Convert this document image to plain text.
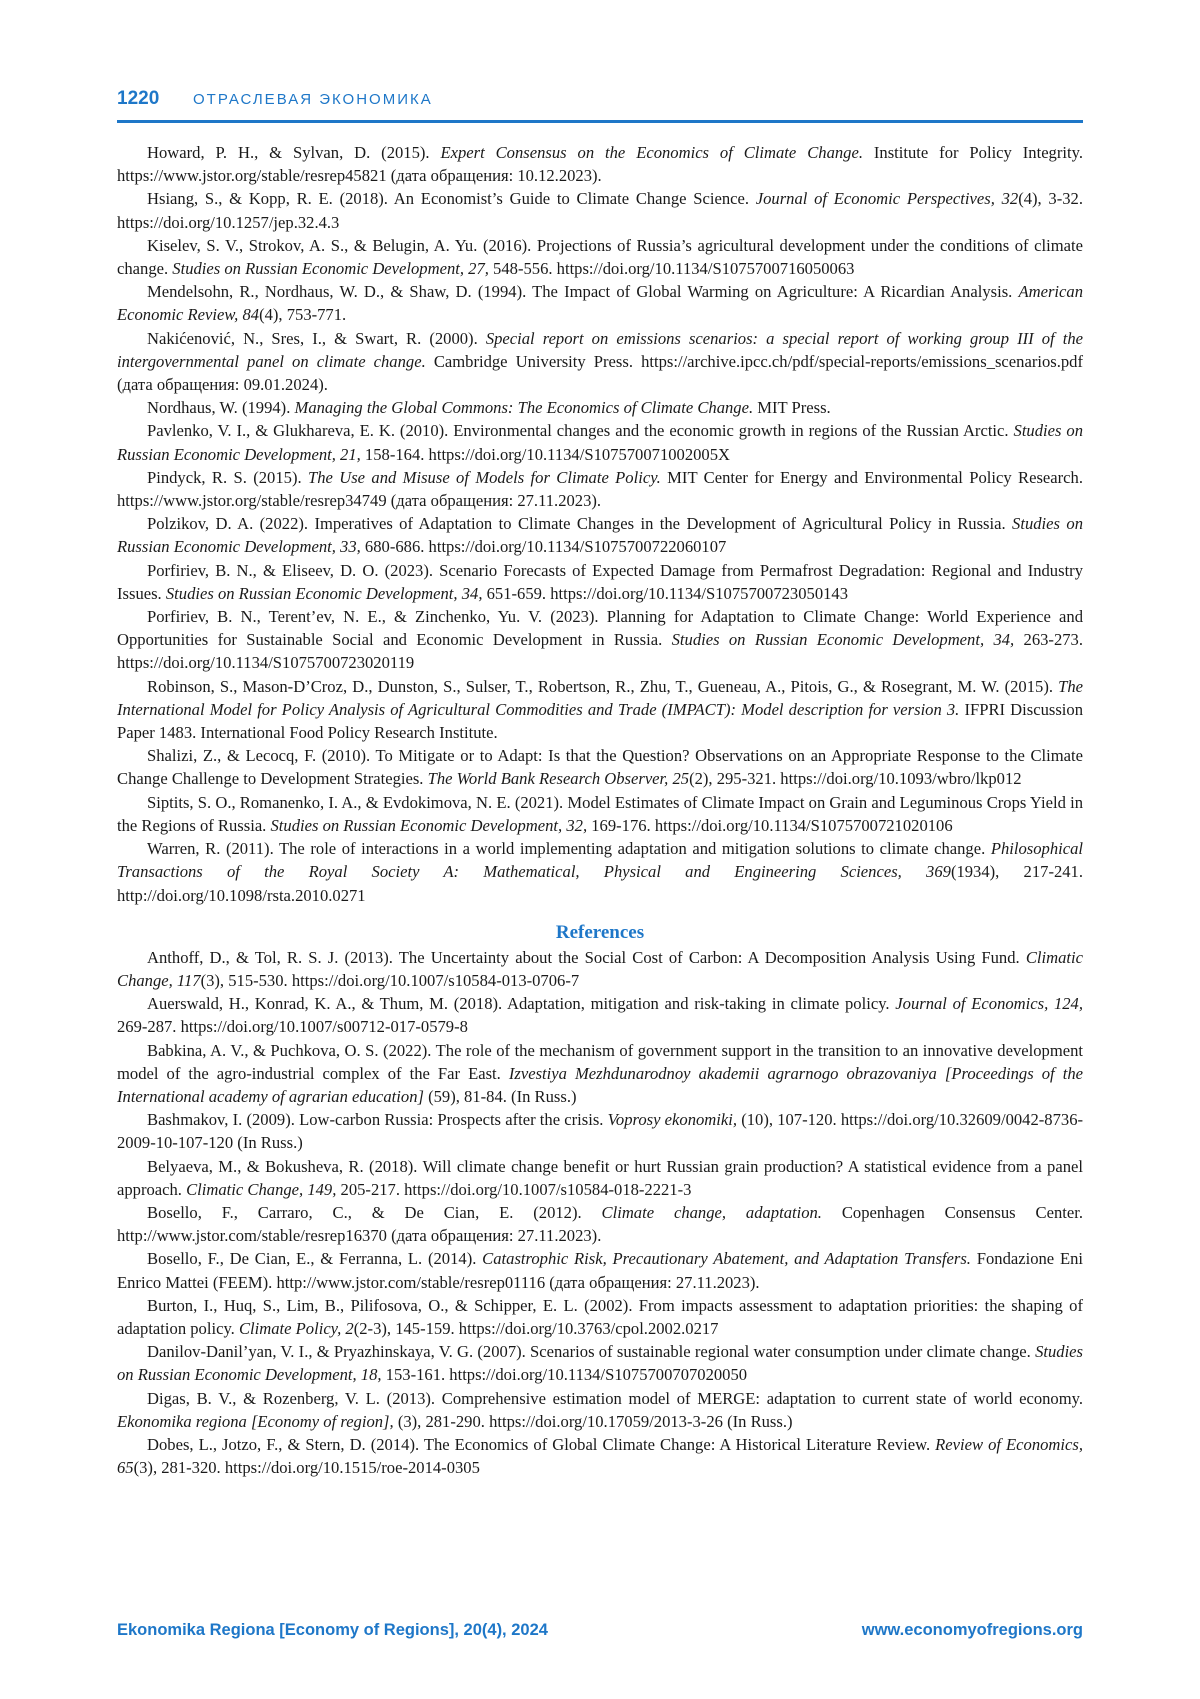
1220 ОТРАСЛЕВАЯ ЭКОНОМИКА

Howard, P. H., & Sylvan, D. (2015). Expert Consensus on the Economics of Climate Change. Institute for Policy Integrity. https://www.jstor.org/stable/resrep45821 (дата обращения: 10.12.2023).

Hsiang, S., & Kopp, R. E. (2018). An Economist’s Guide to Climate Change Science. Journal of Economic Perspectives, 32(4), 3-32. https://doi.org/10.1257/jep.32.4.3

Kiselev, S. V., Strokov, A. S., & Belugin, A. Yu. (2016). Projections of Russia’s agricultural development under the conditions of climate change. Studies on Russian Economic Development, 27, 548-556. https://doi.org/10.1134/S1075700716050063

Mendelsohn, R., Nordhaus, W. D., & Shaw, D. (1994). The Impact of Global Warming on Agriculture: A Ricardian Analysis. American Economic Review, 84(4), 753-771.

Nakićenović, N., Sres, I., & Swart, R. (2000). Special report on emissions scenarios: a special report of working group III of the intergovernmental panel on climate change. Cambridge University Press. https://archive.ipcc.ch/pdf/special-reports/emissions_scenarios.pdf (дата обращения: 09.01.2024).

Nordhaus, W. (1994). Managing the Global Commons: The Economics of Climate Change. MIT Press.

Pavlenko, V. I., & Glukhareva, E. K. (2010). Environmental changes and the economic growth in regions of the Russian Arctic. Studies on Russian Economic Development, 21, 158-164. https://doi.org/10.1134/S107570071002005X

Pindyck, R. S. (2015). The Use and Misuse of Models for Climate Policy. MIT Center for Energy and Environmental Policy Research. https://www.jstor.org/stable/resrep34749 (дата обращения: 27.11.2023).

Polzikov, D. A. (2022). Imperatives of Adaptation to Climate Changes in the Development of Agricultural Policy in Russia. Studies on Russian Economic Development, 33, 680-686. https://doi.org/10.1134/S1075700722060107

Porfiriev, B. N., & Eliseev, D. O. (2023). Scenario Forecasts of Expected Damage from Permafrost Degradation: Regional and Industry Issues. Studies on Russian Economic Development, 34, 651-659. https://doi.org/10.1134/S1075700723050143

Porfiriev, B. N., Terent’ev, N. E., & Zinchenko, Yu. V. (2023). Planning for Adaptation to Climate Change: World Experience and Opportunities for Sustainable Social and Economic Development in Russia. Studies on Russian Economic Development, 34, 263-273. https://doi.org/10.1134/S1075700723020119

Robinson, S., Mason-D’Croz, D., Dunston, S., Sulser, T., Robertson, R., Zhu, T., Gueneau, A., Pitois, G., & Rosegrant, M. W. (2015). The International Model for Policy Analysis of Agricultural Commodities and Trade (IMPACT): Model description for version 3. IFPRI Discussion Paper 1483. International Food Policy Research Institute.

Shalizi, Z., & Lecocq, F. (2010). To Mitigate or to Adapt: Is that the Question? Observations on an Appropriate Response to the Climate Change Challenge to Development Strategies. The World Bank Research Observer, 25(2), 295-321. https://doi.org/10.1093/wbro/lkp012

Siptits, S. O., Romanenko, I. A., & Evdokimova, N. E. (2021). Model Estimates of Climate Impact on Grain and Leguminous Crops Yield in the Regions of Russia. Studies on Russian Economic Development, 32, 169-176. https://doi.org/10.1134/S1075700721020106

Warren, R. (2011). The role of interactions in a world implementing adaptation and mitigation solutions to climate change. Philosophical Transactions of the Royal Society A: Mathematical, Physical and Engineering Sciences, 369(1934), 217-241. http://doi.org/10.1098/rsta.2010.0271

References

Anthoff, D., & Tol, R. S. J. (2013). The Uncertainty about the Social Cost of Carbon: A Decomposition Analysis Using Fund. Climatic Change, 117(3), 515-530. https://doi.org/10.1007/s10584-013-0706-7

Auerswald, H., Konrad, K. A., & Thum, M. (2018). Adaptation, mitigation and risk-taking in climate policy. Journal of Economics, 124, 269-287. https://doi.org/10.1007/s00712-017-0579-8

Babkina, A. V., & Puchkova, O. S. (2022). The role of the mechanism of government support in the transition to an innovative development model of the agro-industrial complex of the Far East. Izvestiya Mezhdunarodnoy akademii agrarnogo obrazovaniya [Proceedings of the International academy of agrarian education] (59), 81-84. (In Russ.)

Bashmakov, I. (2009). Low-carbon Russia: Prospects after the crisis. Voprosy ekonomiki, (10), 107-120. https://doi.org/10.32609/0042-8736-2009-10-107-120 (In Russ.)

Belyaeva, M., & Bokusheva, R. (2018). Will climate change benefit or hurt Russian grain production? A statistical evidence from a panel approach. Climatic Change, 149, 205-217. https://doi.org/10.1007/s10584-018-2221-3

Bosello, F., Carraro, C., & De Cian, E. (2012). Climate change, adaptation. Copenhagen Consensus Center. http://www.jstor.com/stable/resrep16370 (дата обращения: 27.11.2023).

Bosello, F., De Cian, E., & Ferranna, L. (2014). Catastrophic Risk, Precautionary Abatement, and Adaptation Transfers. Fondazione Eni Enrico Mattei (FEEM). http://www.jstor.com/stable/resrep01116 (дата обращения: 27.11.2023).

Burton, I., Huq, S., Lim, B., Pilifosova, O., & Schipper, E. L. (2002). From impacts assessment to adaptation priorities: the shaping of adaptation policy. Climate Policy, 2(2-3), 145-159. https://doi.org/10.3763/cpol.2002.0217

Danilov-Danil’yan, V. I., & Pryazhinskaya, V. G. (2007). Scenarios of sustainable regional water consumption under climate change. Studies on Russian Economic Development, 18, 153-161. https://doi.org/10.1134/S1075700707020050

Digas, B. V., & Rozenberg, V. L. (2013). Comprehensive estimation model of MERGE: adaptation to current state of world economy. Ekonomika regiona [Economy of region], (3), 281-290. https://doi.org/10.17059/2013-3-26 (In Russ.)

Dobes, L., Jotzo, F., & Stern, D. (2014). The Economics of Global Climate Change: A Historical Literature Review. Review of Economics, 65(3), 281-320. https://doi.org/10.1515/roe-2014-0305

Ekonomika Regiona [Economy of Regions], 20(4), 2024	www.economyofregions.org
